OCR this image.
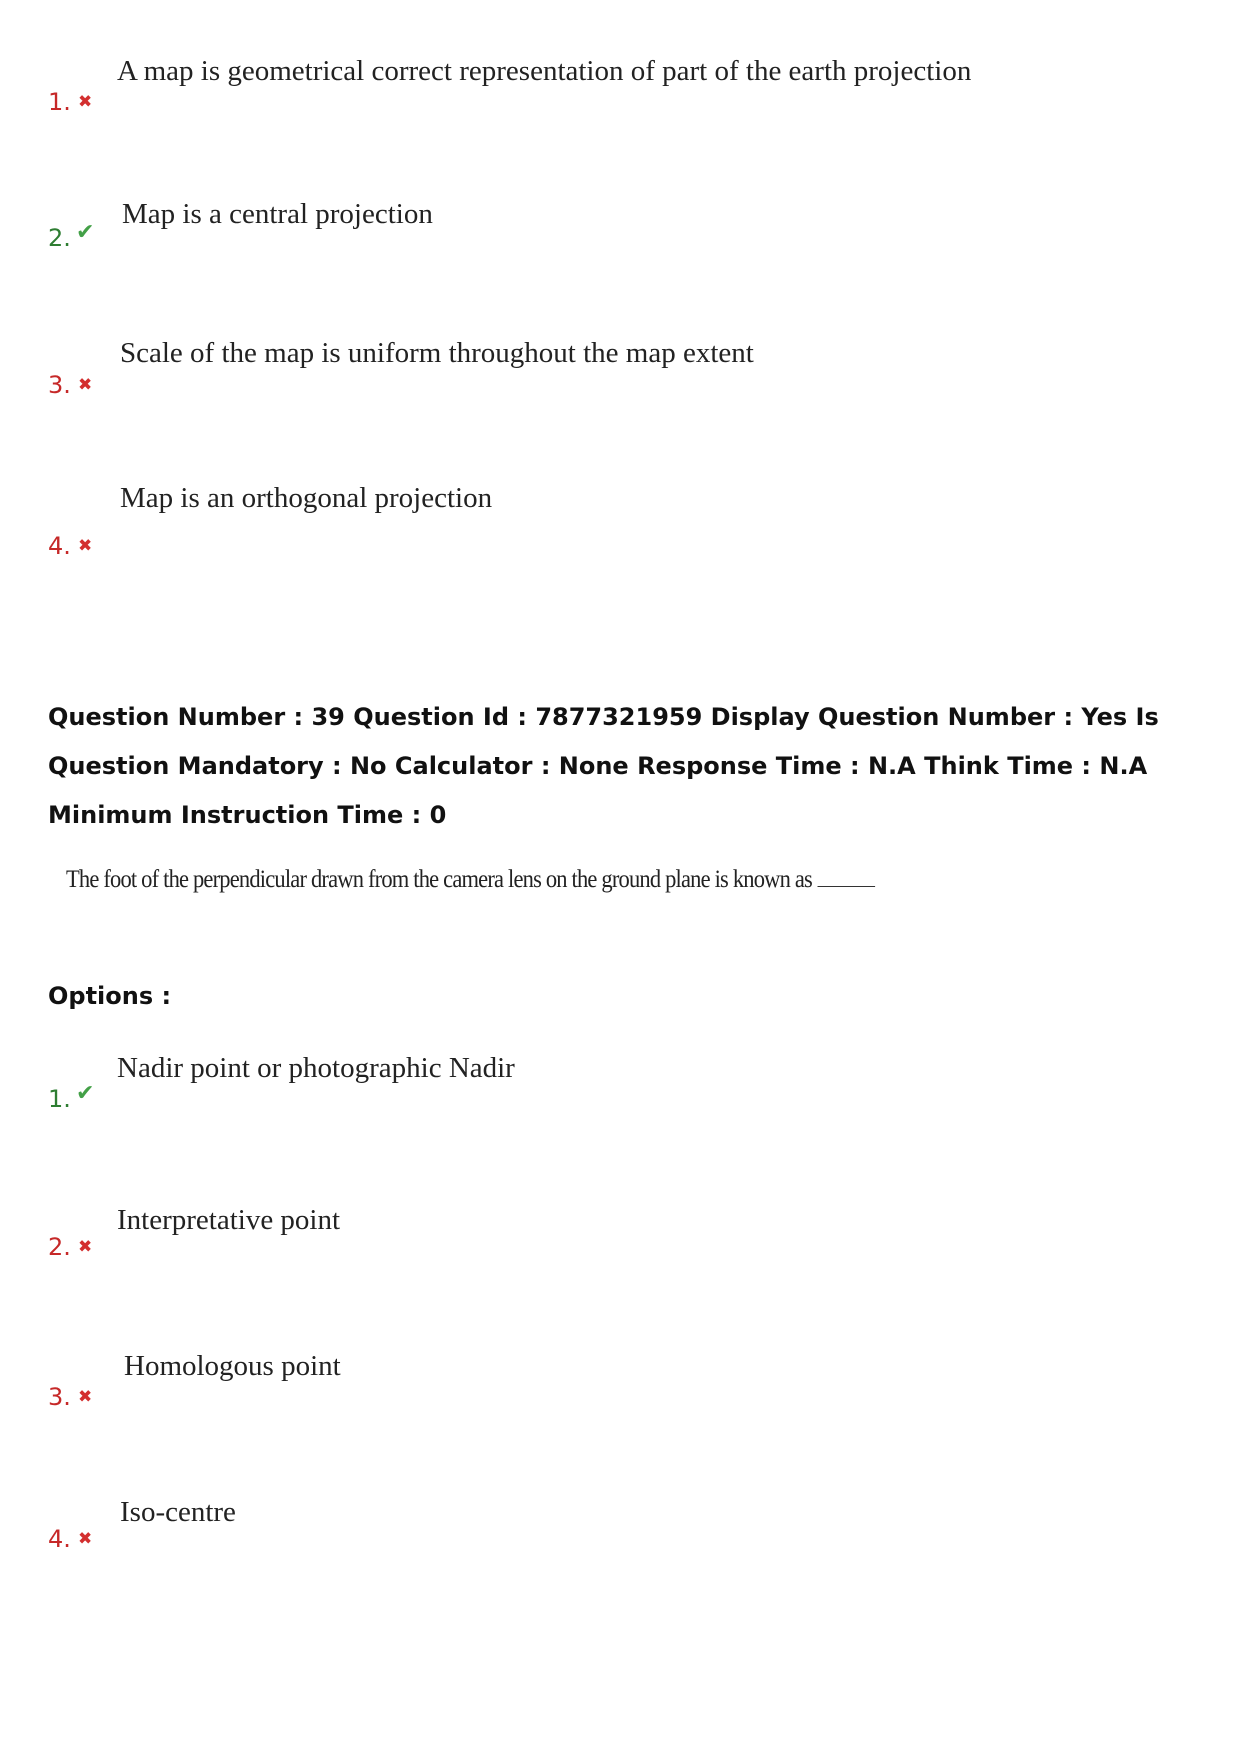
A map is geometrical correct representation of part of the earth projection
1. ✖
Map is a central projection
2. ✔
Scale of the map is uniform throughout the map extent
3. ✖
Map is an orthogonal projection
4. ✖
Question Number : 39 Question Id : 7877321959 Display Question Number : Yes Is Question Mandatory : No Calculator : None Response Time : N.A Think Time : N.A Minimum Instruction Time : 0
The foot of the perpendicular drawn from the camera lens on the ground plane is known as
Options :
Nadir point or photographic Nadir
1. ✔
Interpretative point
2. ✖
Homologous point
3. ✖
Iso-centre
4. ✖
